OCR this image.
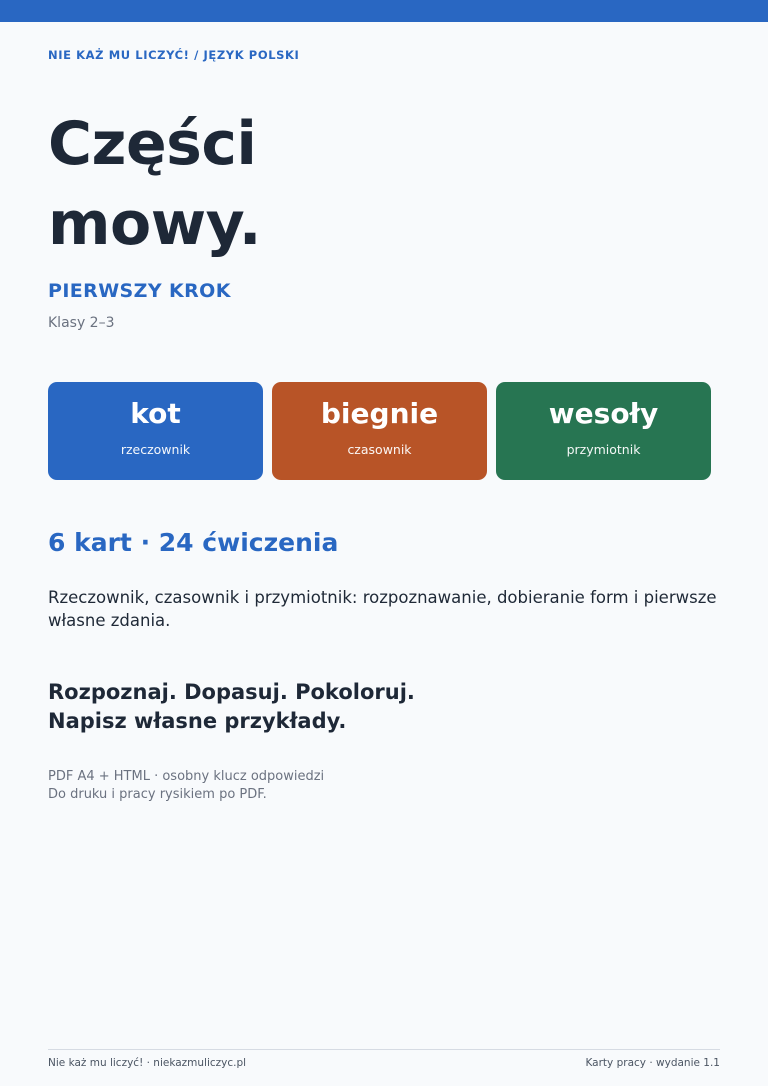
NIE KAŻ MU LICZYĆ! / JĘZYK POLSKI
Części
mowy.
PIERWSZY KROK
Klasy 2–3
kot
rzeczownik
biegnie
czasownik
wesoły
przymiotnik
6 kart · 24 ćwiczenia

Rzeczownik, czasownik i przymiotnik: rozpoznawanie, dobieranie form i pierwsze własne zdania.

Rozpoznaj. Dopasuj. Pokoloruj.
Napisz własne przykłady.

PDF A4 + HTML · osobny klucz odpowiedzi
Do druku i pracy rysikiem po PDF.
Nie każ mu liczyć! · niekazmuliczyc.pl	Karty pracy · wydanie 1.1
